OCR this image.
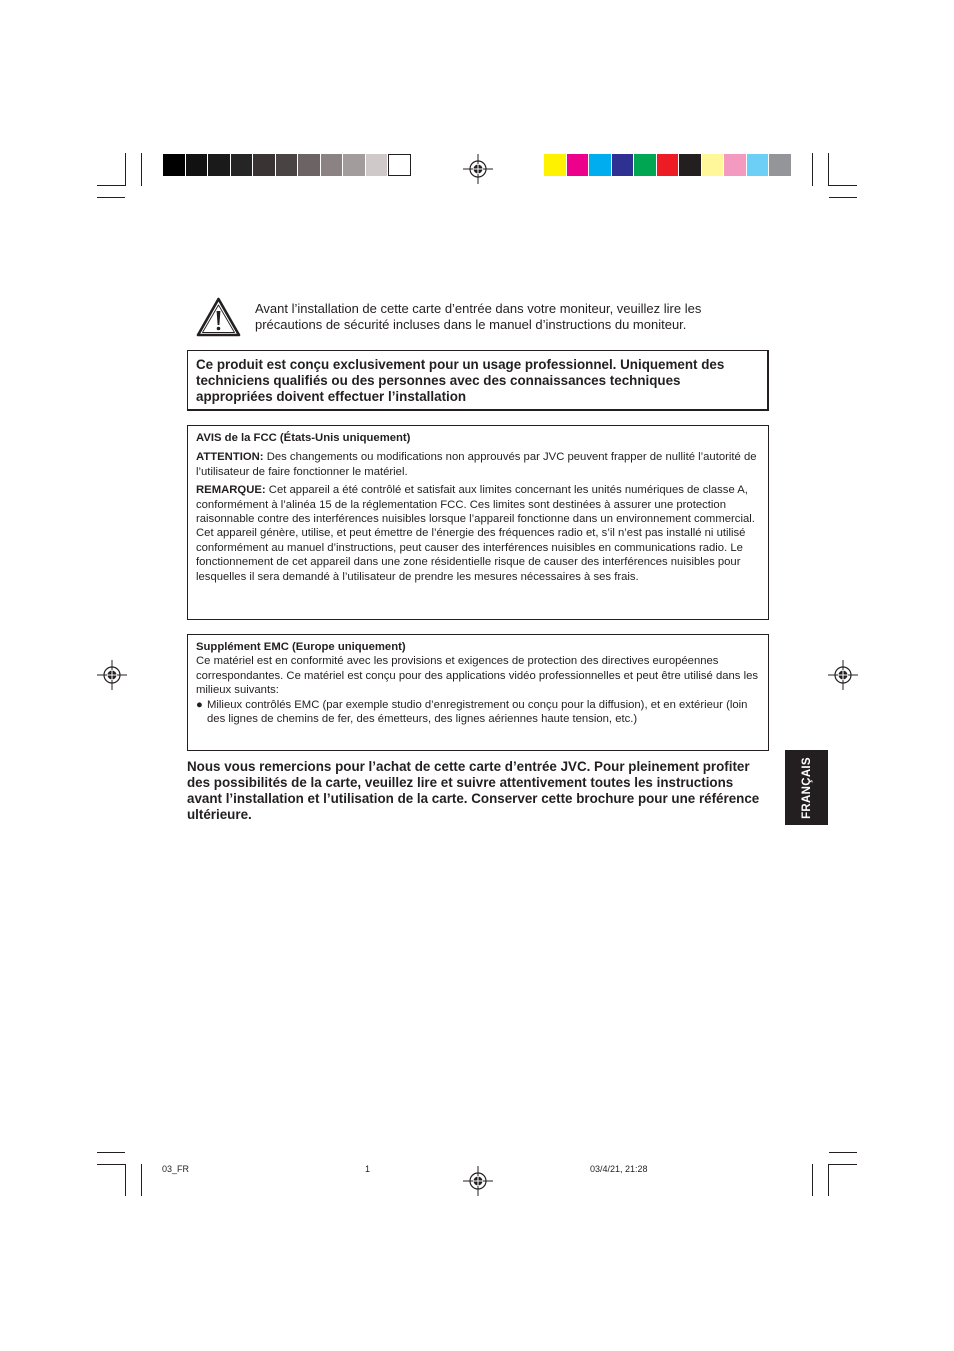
Avant l’installation de cette carte d’entrée dans votre moniteur, veuillez lire les précautions de sécurité incluses dans le manuel d’instructions du moniteur.
Ce produit est conçu exclusivement pour un usage professionnel. Uniquement des techniciens qualifiés ou des personnes avec des connaissances techniques appropriées doivent effectuer l’installation

AVIS de la FCC (États-Unis uniquement)

ATTENTION: Des changements ou modifications non approuvés par JVC peuvent frapper de nullité l’autorité de l’utilisateur de faire fonctionner le matériel.

REMARQUE: Cet appareil a été contrôlé et satisfait aux limites concernant les unités numériques de classe A, conformément à l’alinéa 15 de la réglementation FCC. Ces limites sont destinées à assurer une protection raisonnable contre des interférences nuisibles lorsque l’appareil fonctionne dans un environnement commercial. Cet appareil génère, utilise, et peut émettre de l’énergie des fréquences radio et, s’il n’est pas installé ni utilisé conformément au manuel d’instructions, peut causer des interférences nuisibles en communications radio. Le fonctionnement de cet appareil dans une zone résidentielle risque de causer des interférences nuisibles pour lesquelles il sera demandé à l’utilisateur de prendre les mesures nécessaires à ses frais.

Supplément EMC (Europe uniquement)

Ce matériel est en conformité avec les provisions et exigences de protection des directives européennes correspondantes. Ce matériel est conçu pour des applications vidéo professionnelles et peut être utilisé dans les milieux suivants:

● Milieux contrôlés EMC (par exemple studio d’enregistrement ou conçu pour la diffusion), et en extérieur (loin des lignes de chemins de fer, des émetteurs, des lignes aériennes haute tension, etc.)

Nous vous remercions pour l’achat de cette carte d’entrée JVC. Pour pleinement profiter des possibilités de la carte, veuillez lire et suivre attentivement toutes les instructions avant l’installation et l’utilisation de la carte. Conserver cette brochure pour une référence ultérieure.	FRANÇAIS
03_FR	1	03/4/21, 21:28
